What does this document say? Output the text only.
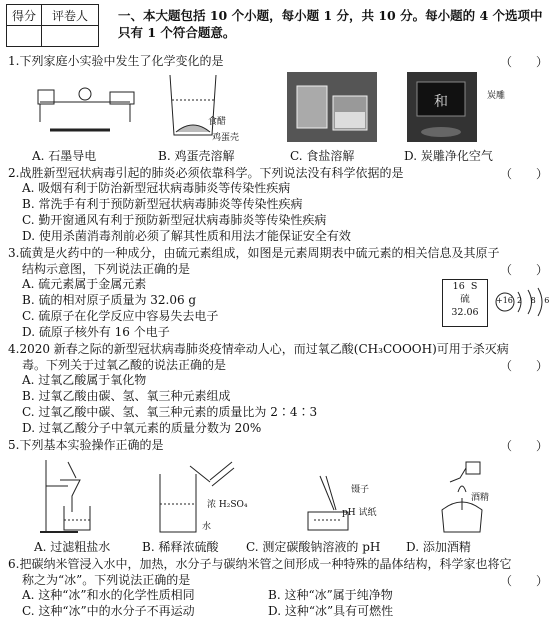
得分	评卷人
	一、本大题包括 10 个小题，每小题 1 分，共 10 分。每小题的 4 个选项中只有 1 个符合题意。
1.下列家庭小实验中发生了化学变化的是	（　　）
食醋
鸡蛋壳
和	炭雕
A. 石墨导电	B. 鸡蛋壳溶解	C. 食盐溶解	D. 炭雕净化空气
2.战胜新型冠状病毒引起的肺炎必须依靠科学。下列说法没有科学依据的是	（　　）
A. 吸烟有利于防治新型冠状病毒肺炎等传染性疾病
B. 常洗手有利于预防新型冠状病毒肺炎等传染性疾病
C. 勤开窗通风有利于预防新型冠状病毒肺炎等传染性疾病
D. 使用杀菌消毒剂前必须了解其性质和用法才能保证安全有效
3.硫黄是火药中的一种成分，由硫元素组成，如图是元素周期表中硫元素的相关信息及其原子
结构示意图，下列说法正确的是	（　　）
A. 硫元素属于金属元素
B. 硫的相对原子质量为 32.06 g
C. 硫原子在化学反应中容易失去电子
D. 硫原子核外有 16 个电子
16 S
硫
32.06
+16 2 8 6
4.2020 新春之际的新型冠状病毒肺炎疫情牵动人心，而过氧乙酸(CH₃COOOH)可用于杀灭病
毒。下列关于过氧乙酸的说法正确的是	（　　）
A. 过氧乙酸属于氧化物
B. 过氧乙酸由碳、氢、氧三种元素组成
C. 过氧乙酸中碳、氢、氧三种元素的质量比为 2∶4∶3
D. 过氧乙酸分子中氧元素的质量分数为 20%
5.下列基本实验操作正确的是	（　　）
浓 H₂SO₄
水
镊子
pH 试纸
酒精
A. 过滤粗盐水	B. 稀释浓硫酸 C. 测定碳酸钠溶液的 pH D. 添加酒精
6.把碳纳米管浸入水中，加热，水分子与碳纳米管之间形成一种特殊的晶体结构，科学家也将它
称之为“冰”。下列说法正确的是	（　　）
A. 这种“冰”和水的化学性质相同	B. 这种“冰”属于纯净物
C. 这种“冰”中的水分子不再运动	D. 这种“冰”具有可燃性
